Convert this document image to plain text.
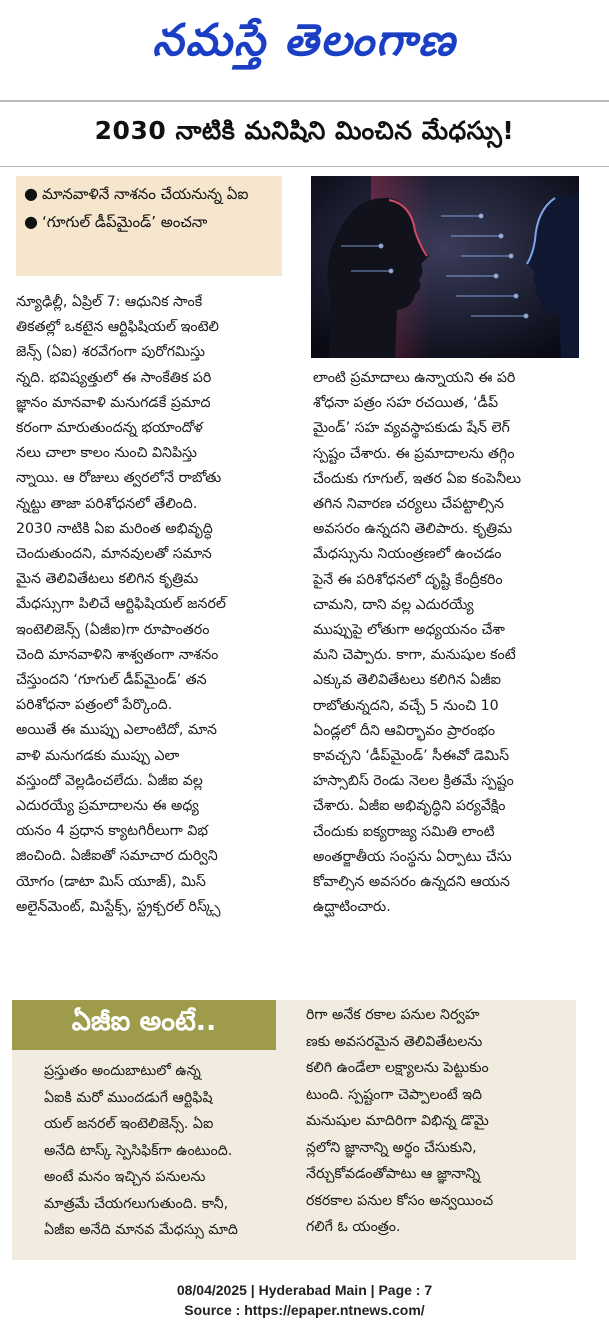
నమస్తే తెలంగాణ
2030 నాటికి మనిషిని మించిన మేధస్సు!
● మానవాళినే నాశనం చేయనున్న ఏఐ
● ‘గూగుల్ డీప్‌మైండ్’ అంచనా

న్యూఢిల్లీ, ఏప్రిల్ 7: ఆధునిక సాంకే
తికతల్లో ఒకటైన ఆర్టిఫిషియల్ ఇంటెలి
జెన్స్ (ఏఐ) శరవేగంగా పురోగమిస్తు
న్నది. భవిష్యత్తులో ఈ సాంకేతిక పరి
జ్ఞానం మానవాళి మనుగడకే ప్రమాద
కరంగా మారుతుందన్న భయాందోళ
నలు చాలా కాలం నుంచి వినిపిస్తు
న్నాయి. ఆ రోజులు త్వరలోనే రాబోతు
న్నట్టు తాజా పరిశోధనలో తేలింది.
2030 నాటికి ఏఐ మరింత అభివృద్ధి
చెందుతుందని, మానవులతో సమాన
మైన తెలివితేటలు కలిగిన కృత్రిమ
మేధస్సుగా పిలిచే ఆర్టిఫిషియల్ జనరల్
ఇంటెలిజెన్స్ (ఏజీఐ)గా రూపాంతరం
చెంది మానవాళిని శాశ్వతంగా నాశనం
చేస్తుందని ‘గూగుల్ డీప్‌మైండ్’ తన
పరిశోధనా పత్రంలో పేర్కొంది.
అయితే ఈ ముప్పు ఎలాంటిదో, మాన
వాళి మనుగడకు ముప్పు ఎలా
వస్తుందో వెల్లడించలేదు. ఏజీఐ వల్ల
ఎదురయ్యే ప్రమాదాలను ఈ అధ్య
యనం 4 ప్రధాన క్యాటగిరీలుగా విభ
జించింది. ఏజీఐతో సమాచార దుర్విని
యోగం (డాటా మిస్ యూజ్), మిస్
అలైన్‌మెంట్, మిస్టేక్స్, స్ట్రక్చరల్ రిస్క్స్

లాంటి ప్రమాదాలు ఉన్నాయని ఈ పరి
శోధనా పత్రం సహ రచయిత, ‘డీప్
మైండ్’ సహ వ్యవస్థాపకుడు షేన్ లెగ్
స్పష్టం చేశారు. ఈ ప్రమాదాలను తగ్గిం
చేందుకు గూగుల్, ఇతర ఏఐ కంపెనీలు
తగిన నివారణ చర్యలు చేపట్టాల్సిన
అవసరం ఉన్నదని తెలిపారు. కృత్రిమ
మేధస్సును నియంత్రణలో ఉంచడం
పైనే ఈ పరిశోధనలో దృష్టి కేంద్రీకరిం
చామని, దాని వల్ల ఎదురయ్యే
ముప్పుపై లోతుగా అధ్యయనం చేశా
మని చెప్పారు. కాగా, మనుషుల కంటే
ఎక్కువ తెలివితేటలు కలిగిన ఏజీఐ
రాబోతున్నదని, వచ్చే 5 నుంచి 10
ఏండ్లలో దీని ఆవిర్భావం ప్రారంభం
కావచ్చని ‘డీప్‌మైండ్’ సీఈవో డెమిస్
హస్సాబిస్ రెండు నెలల క్రితమే స్పష్టం
చేశారు. ఏజీఐ అభివృద్ధిని పర్యవేక్షిం
చేందుకు ఐక్యరాజ్య సమితి లాంటి
అంతర్జాతీయ సంస్థను ఏర్పాటు చేసు
కోవాల్సిన అవసరం ఉన్నదని ఆయన
ఉద్ఘాటించారు.

ఏజీఐ అంటే..
ప్రస్తుతం అందుబాటులో ఉన్న
ఏఐకి మరో ముందడుగే ఆర్టిఫిషి
యల్ జనరల్ ఇంటెలిజెన్స్. ఏఐ
అనేది టాస్క్ స్పెసిఫిక్‌గా ఉంటుంది.
అంటే మనం ఇచ్చిన పనులను
మాత్రమే చేయగలుగుతుంది. కానీ,
ఏజీఐ అనేది మానవ మేధస్సు మాది
రిగా అనేక రకాల పనుల నిర్వహ
ణకు అవసరమైన తెలివితేటలను
కలిగి ఉండేలా లక్ష్యాలను పెట్టుకుం
టుంది. స్పష్టంగా చెప్పాలంటే ఇది
మనుషుల మాదిరిగా విభిన్న డొమై
న్లలోని జ్ఞానాన్ని అర్థం చేసుకుని,
నేర్చుకోవడంతోపాటు ఆ జ్ఞానాన్ని
రకరకాల పనుల కోసం అన్వయించ
గలిగే ఓ యంత్రం.
08/04/2025 | Hyderabad Main | Page : 7
Source : https://epaper.ntnews.com/
